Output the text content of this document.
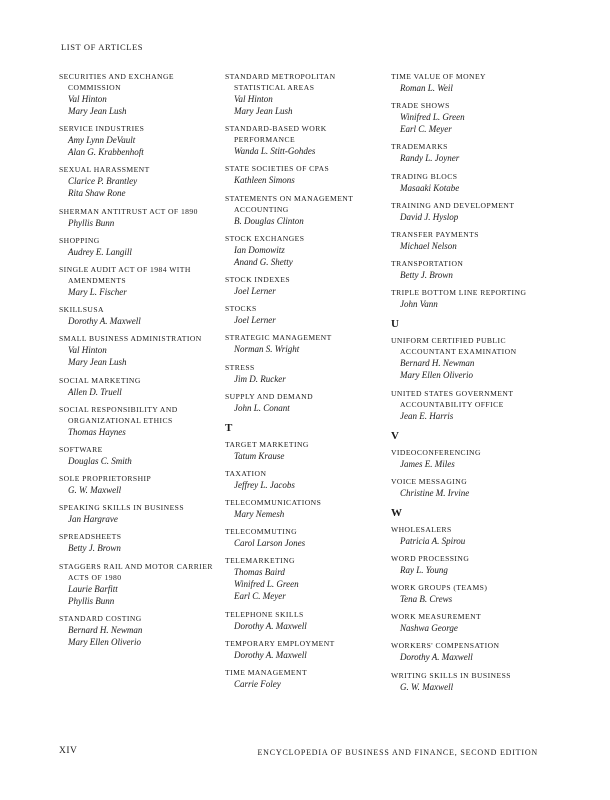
LIST OF ARTICLES
SECURITIES AND EXCHANGE COMMISSION
Val Hinton
Mary Jean Lush
SERVICE INDUSTRIES
Amy Lynn DeVault
Alan G. Krabbenhoft
SEXUAL HARASSMENT
Clarice P. Brantley
Rita Shaw Rone
SHERMAN ANTITRUST ACT OF 1890
Phyllis Bunn
SHOPPING
Audrey E. Langill
SINGLE AUDIT ACT OF 1984 WITH AMENDMENTS
Mary L. Fischer
SKILLSUSA
Dorothy A. Maxwell
SMALL BUSINESS ADMINISTRATION
Val Hinton
Mary Jean Lush
SOCIAL MARKETING
Allen D. Truell
SOCIAL RESPONSIBILITY AND ORGANIZATIONAL ETHICS
Thomas Haynes
SOFTWARE
Douglas C. Smith
SOLE PROPRIETORSHIP
G. W. Maxwell
SPEAKING SKILLS IN BUSINESS
Jan Hargrave
SPREADSHEETS
Betty J. Brown
STAGGERS RAIL AND MOTOR CARRIER ACTS OF 1980
Laurie Barfitt
Phyllis Bunn
STANDARD COSTING
Bernard H. Newman
Mary Ellen Oliverio
STANDARD METROPOLITAN STATISTICAL AREAS
Val Hinton
Mary Jean Lush
STANDARD-BASED WORK PERFORMANCE
Wanda L. Stitt-Gohdes
STATE SOCIETIES OF CPAS
Kathleen Simons
STATEMENTS ON MANAGEMENT ACCOUNTING
B. Douglas Clinton
STOCK EXCHANGES
Ian Domowitz
Anand G. Shetty
STOCK INDEXES
Joel Lerner
STOCKS
Joel Lerner
STRATEGIC MANAGEMENT
Norman S. Wright
STRESS
Jim D. Rucker
SUPPLY AND DEMAND
John L. Conant
T
TARGET MARKETING
Tatum Krause
TAXATION
Jeffrey L. Jacobs
TELECOMMUNICATIONS
Mary Nemesh
TELECOMMUTING
Carol Larson Jones
TELEMARKETING
Thomas Baird
Winifred L. Green
Earl C. Meyer
TELEPHONE SKILLS
Dorothy A. Maxwell
TEMPORARY EMPLOYMENT
Dorothy A. Maxwell
TIME MANAGEMENT
Carrie Foley
TIME VALUE OF MONEY
Roman L. Weil
TRADE SHOWS
Winifred L. Green
Earl C. Meyer
TRADEMARKS
Randy L. Joyner
TRADING BLOCS
Masaaki Kotabe
TRAINING AND DEVELOPMENT
David J. Hyslop
TRANSFER PAYMENTS
Michael Nelson
TRANSPORTATION
Betty J. Brown
TRIPLE BOTTOM LINE REPORTING
John Vann
U
UNIFORM CERTIFIED PUBLIC ACCOUNTANT EXAMINATION
Bernard H. Newman
Mary Ellen Oliverio
UNITED STATES GOVERNMENT ACCOUNTABILITY OFFICE
Jean E. Harris
V
VIDEOCONFERENCING
James E. Miles
VOICE MESSAGING
Christine M. Irvine
W
WHOLESALERS
Patricia A. Spirou
WORD PROCESSING
Ray L. Young
WORK GROUPS (TEAMS)
Tena B. Crews
WORK MEASUREMENT
Nashwa George
WORKERS' COMPENSATION
Dorothy A. Maxwell
WRITING SKILLS IN BUSINESS
G. W. Maxwell
XIV	ENCYCLOPEDIA OF BUSINESS AND FINANCE, SECOND EDITION
